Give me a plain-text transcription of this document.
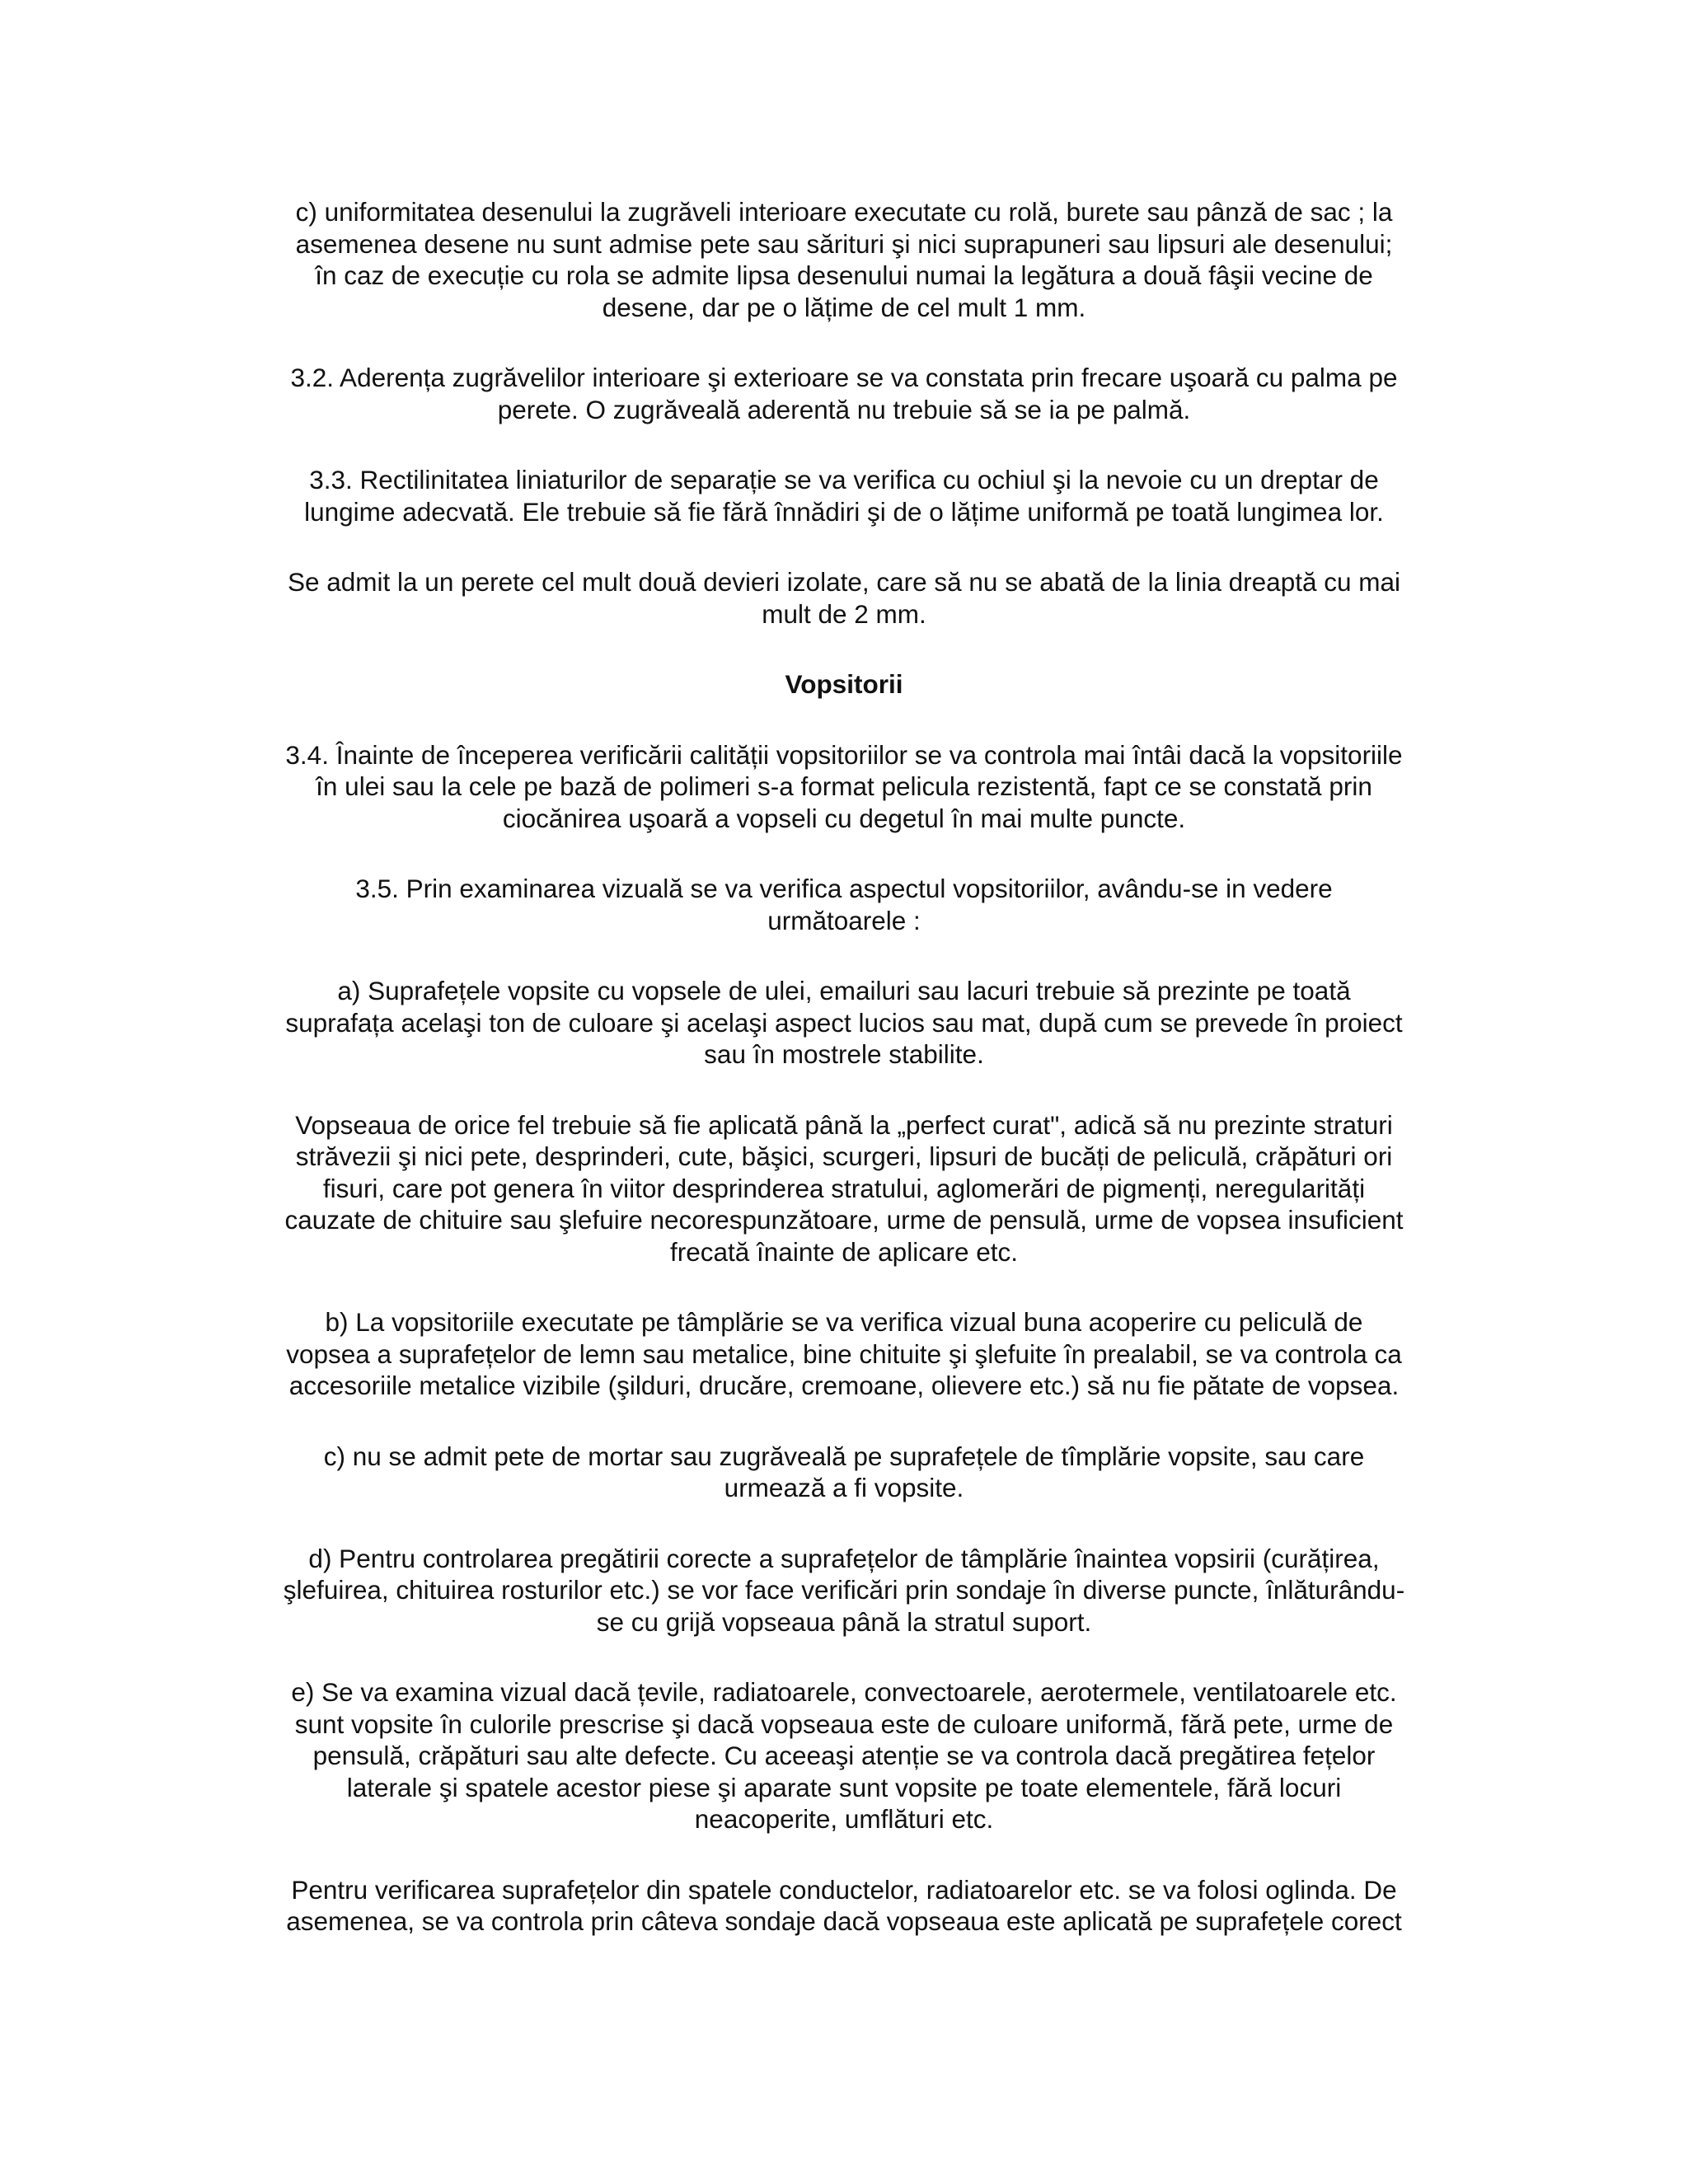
c) uniformitatea desenului la zugrăveli interioare executate cu rolă, burete sau pânză de sac ; la
asemenea desene nu sunt admise pete sau sărituri şi nici suprapuneri sau lipsuri ale desenului;
în caz de execuție cu rola se admite lipsa desenului numai la legătura a două fâşii vecine de
desene, dar pe o lățime de cel mult 1 mm.

3.2. Aderența zugrăvelilor interioare şi exterioare se va constata prin frecare uşoară cu palma pe
perete. O zugrăveală aderentă nu trebuie să se ia pe palmă.

3.3. Rectilinitatea liniaturilor de separație se va verifica cu ochiul şi la nevoie cu un dreptar de
lungime adecvată. Ele trebuie să fie fără înnădiri şi de o lățime uniformă pe toată lungimea lor.

Se admit la un perete cel mult două devieri izolate, care să nu se abată de la linia dreaptă cu mai
mult de 2 mm.

Vopsitorii

3.4. Înainte de începerea verificării calității vopsitoriilor se va controla mai întâi dacă la vopsitoriile
în ulei sau la cele pe bază de polimeri s-a format pelicula rezistentă, fapt ce se constată prin
ciocănirea uşoară a vopseli cu degetul în mai multe puncte.

3.5. Prin examinarea vizuală se va verifica aspectul vopsitoriilor, avându-se in vedere
următoarele :

a) Suprafețele vopsite cu vopsele de ulei, emailuri sau lacuri trebuie să prezinte pe toată
suprafața acelaşi ton de culoare şi acelaşi aspect lucios sau mat, după cum se prevede în proiect
sau în mostrele stabilite.

Vopseaua de orice fel trebuie să fie aplicată până la „perfect curat", adică să nu prezinte straturi
străvezii şi nici pete, desprinderi, cute, băşici, scurgeri, lipsuri de bucăți de peliculă, crăpături ori
fisuri, care pot genera în viitor desprinderea stratului, aglomerări de pigmenți, neregularități
cauzate de chituire sau şlefuire necorespunzătoare, urme de pensulă, urme de vopsea insuficient
frecată înainte de aplicare etc.

b) La vopsitoriile executate pe tâmplărie se va verifica vizual buna acoperire cu peliculă de
vopsea a suprafețelor de lemn sau metalice, bine chituite şi şlefuite în prealabil, se va controla ca
accesoriile metalice vizibile (şilduri, drucăre, cremoane, olievere etc.) să nu fie pătate de vopsea.

c) nu se admit pete de mortar sau zugrăveală pe suprafețele de tîmplărie vopsite, sau care
urmează a fi vopsite.

d) Pentru controlarea pregătirii corecte a suprafețelor de tâmplărie înaintea vopsirii (curățirea,
şlefuirea, chituirea rosturilor etc.) se vor face verificări prin sondaje în diverse puncte, înlăturându-
se cu grijă vopseaua până la stratul suport.

e) Se va examina vizual dacă țevile, radiatoarele, convectoarele, aerotermele, ventilatoarele etc.
sunt vopsite în culorile prescrise şi dacă vopseaua este de culoare uniformă, fără pete, urme de
pensulă, crăpături sau alte defecte. Cu aceeaşi atenție se va controla dacă pregătirea fețelor
laterale şi spatele acestor piese şi aparate sunt vopsite pe toate elementele, fără locuri
neacoperite, umflături etc.

Pentru verificarea suprafețelor din spatele conductelor, radiatoarelor etc. se va folosi oglinda. De
asemenea, se va controla prin câteva sondaje dacă vopseaua este aplicată pe suprafețele corect
